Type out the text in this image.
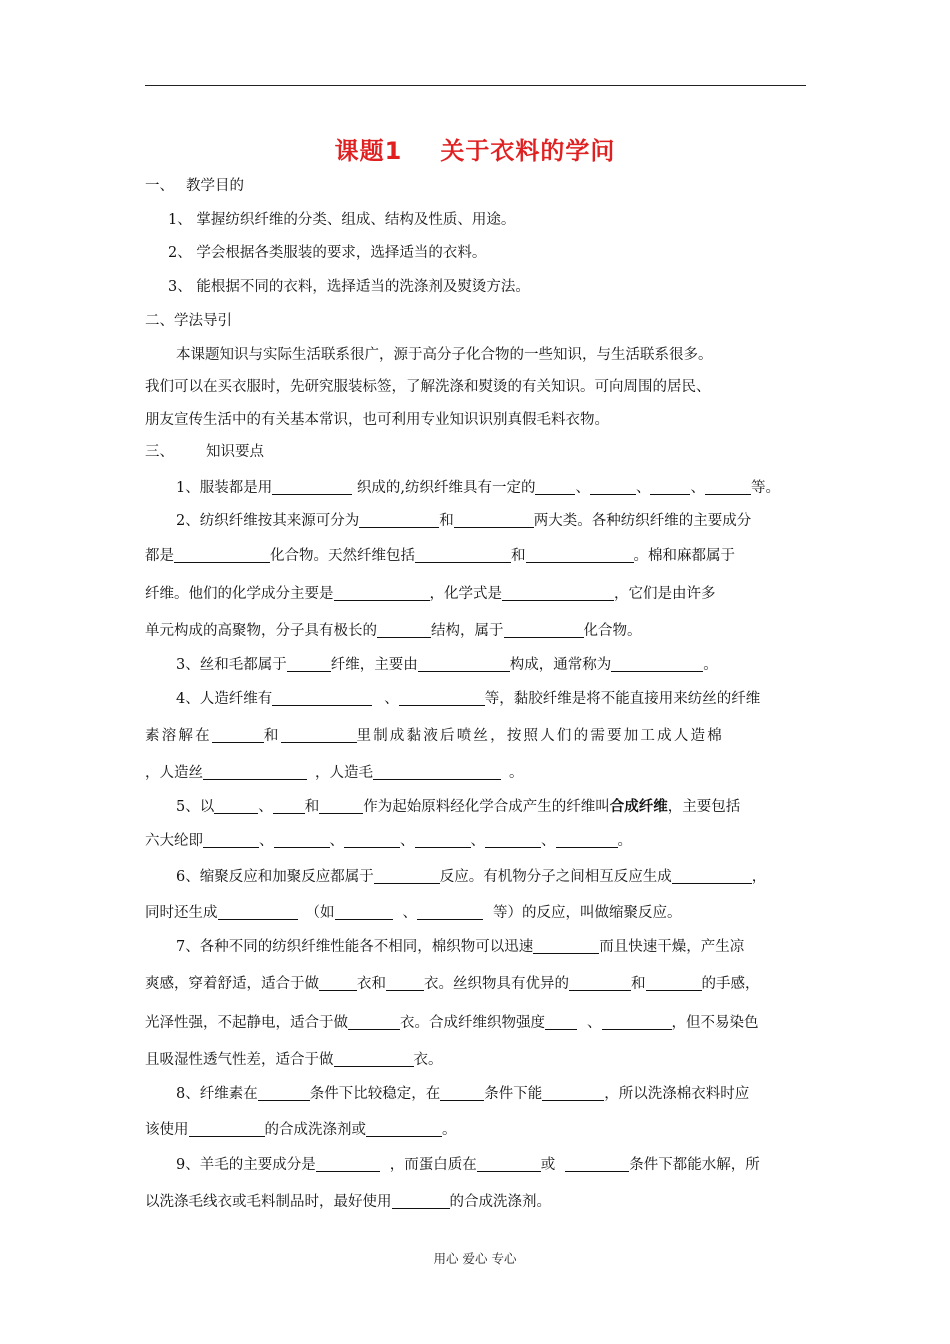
课题1 关于衣料的学问
一、 教学目的
1、 掌握纺织纤维的分类、组成、结构及性质、用途。
2、 学会根据各类服装的要求，选择适当的衣料。
3、 能根据不同的衣料，选择适当的洗涤剂及熨烫方法。
二、学法导引
本课题知识与实际生活联系很广，源于高分子化合物的一些知识，与生活联系很多。
我们可以在买衣服时，先研究服装标签，了解洗涤和熨烫的有关知识。可向周围的居民、
朋友宣传生活中的有关基本常识，也可利用专业知识识别真假毛料衣物。
三、 知识要点
1、服装都是用	织成的,纺织纤维具有一定的	、	、	、	等。
2、纺织纤维按其来源可分为	和	两大类。各种纺织纤维的主要成分
都是	化合物。天然纤维包括	和	。棉和麻都属于
纤维。他们的化学成分主要是	，化学式是	，它们是由许多
单元构成的高聚物，分子具有极长的	结构，属于	化合物。
3、丝和毛都属于	纤维，主要由	构成，通常称为	。
4、人造纤维有	、	等，黏胶纤维是将不能直接用来纺丝的纤维
素溶解在	和	里制成黏液后喷丝，按照人们的需要加工成人造棉
，人造丝	，人造毛	。
5、以	、 和	作为起始原料经化学合成产生的纤维叫合成纤维，主要包括
六大纶即	、	、	、	、	、	。
6、缩聚反应和加聚反应都属于	反应。有机物分子之间相互反应生成	，
同时还生成	（如	、	等）的反应，叫做缩聚反应。
7、各种不同的纺织纤维性能各不相同，棉织物可以迅速	而且快速干燥，产生凉
爽感，穿着舒适，适合于做	衣和	衣。丝织物具有优异的	和	的手感，
光泽性强，不起静电，适合于做	衣。合成纤维织物强度	、	，但不易染色
且吸湿性透气性差，适合于做	衣。
8、纤维素在	条件下比较稳定，在	条件下能	，所以洗涤棉衣料时应
该使用	的合成洗涤剂或	。
9、羊毛的主要成分是	，而蛋白质在	或	条件下都能水解，所
以洗涤毛线衣或毛料制品时，最好使用	的合成洗涤剂。
用心 爱心 专心
